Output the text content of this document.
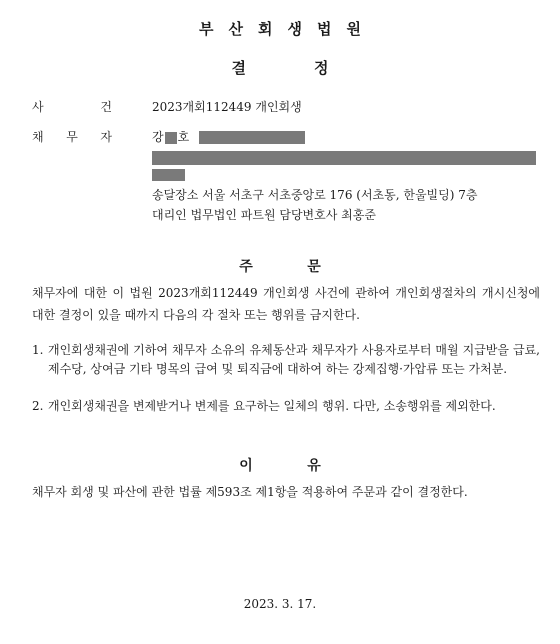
부산회생법원
결정
사	건	2023개회112449 개인회생
채 무 자	강 호
송달장소 서울 서초구 서초중앙로 176 (서초동, 한울빌딩) 7층
대리인 법무법인 파트원 담당변호사 최홍준
주	문
채무자에 대한 이 법원 2023개회112449 개인회생 사건에 관하여 개인회생절차의 개시신청에 대한 결정이 있을 때까지 다음의 각 절차 또는 행위를 금지한다.
1. 개인회생채권에 기하여 채무자 소유의 유체동산과 채무자가 사용자로부터 매월 지급받을 급료, 제수당, 상여금 기타 명목의 급여 및 퇴직금에 대하여 하는 강제집행·가압류 또는 가처분.
2. 개인회생채권을 변제받거나 변제를 요구하는 일체의 행위. 다만, 소송행위를 제외한다.
이	유
채무자 회생 및 파산에 관한 법률 제593조 제1항을 적용하여 주문과 같이 결정한다.
2023. 3. 17.
